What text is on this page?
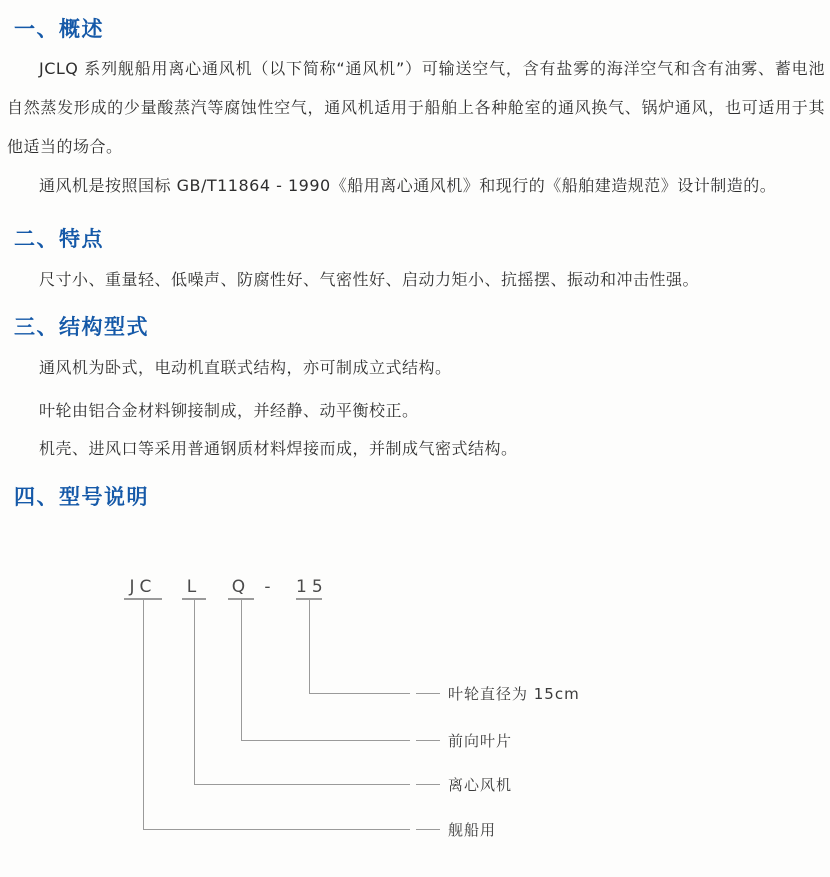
一、概述

JCLQ 系列舰船用离心通风机（以下简称“通风机”）可输送空气，含有盐雾的海洋空气和含有油雾、蓄电池自然蒸发形成的少量酸蒸汽等腐蚀性空气，通风机适用于船舶上各种舱室的通风换气、锅炉通风，也可适用于其他适当的场合。

通风机是按照国标 GB/T11864 - 1990《船用离心通风机》和现行的《船舶建造规范》设计制造的。

二、特点

尺寸小、重量轻、低噪声、防腐性好、气密性好、启动力矩小、抗摇摆、振动和冲击性强。

三、结构型式

通风机为卧式，电动机直联式结构，亦可制成立式结构。

叶轮由铝合金材料铆接制成，并经静、动平衡校正。

机壳、进风口等采用普通钢质材料焊接而成，并制成气密式结构。

四、型号说明
JC	L Q - 15
叶轮直径为 15cm
前向叶片
离心风机
舰船用
